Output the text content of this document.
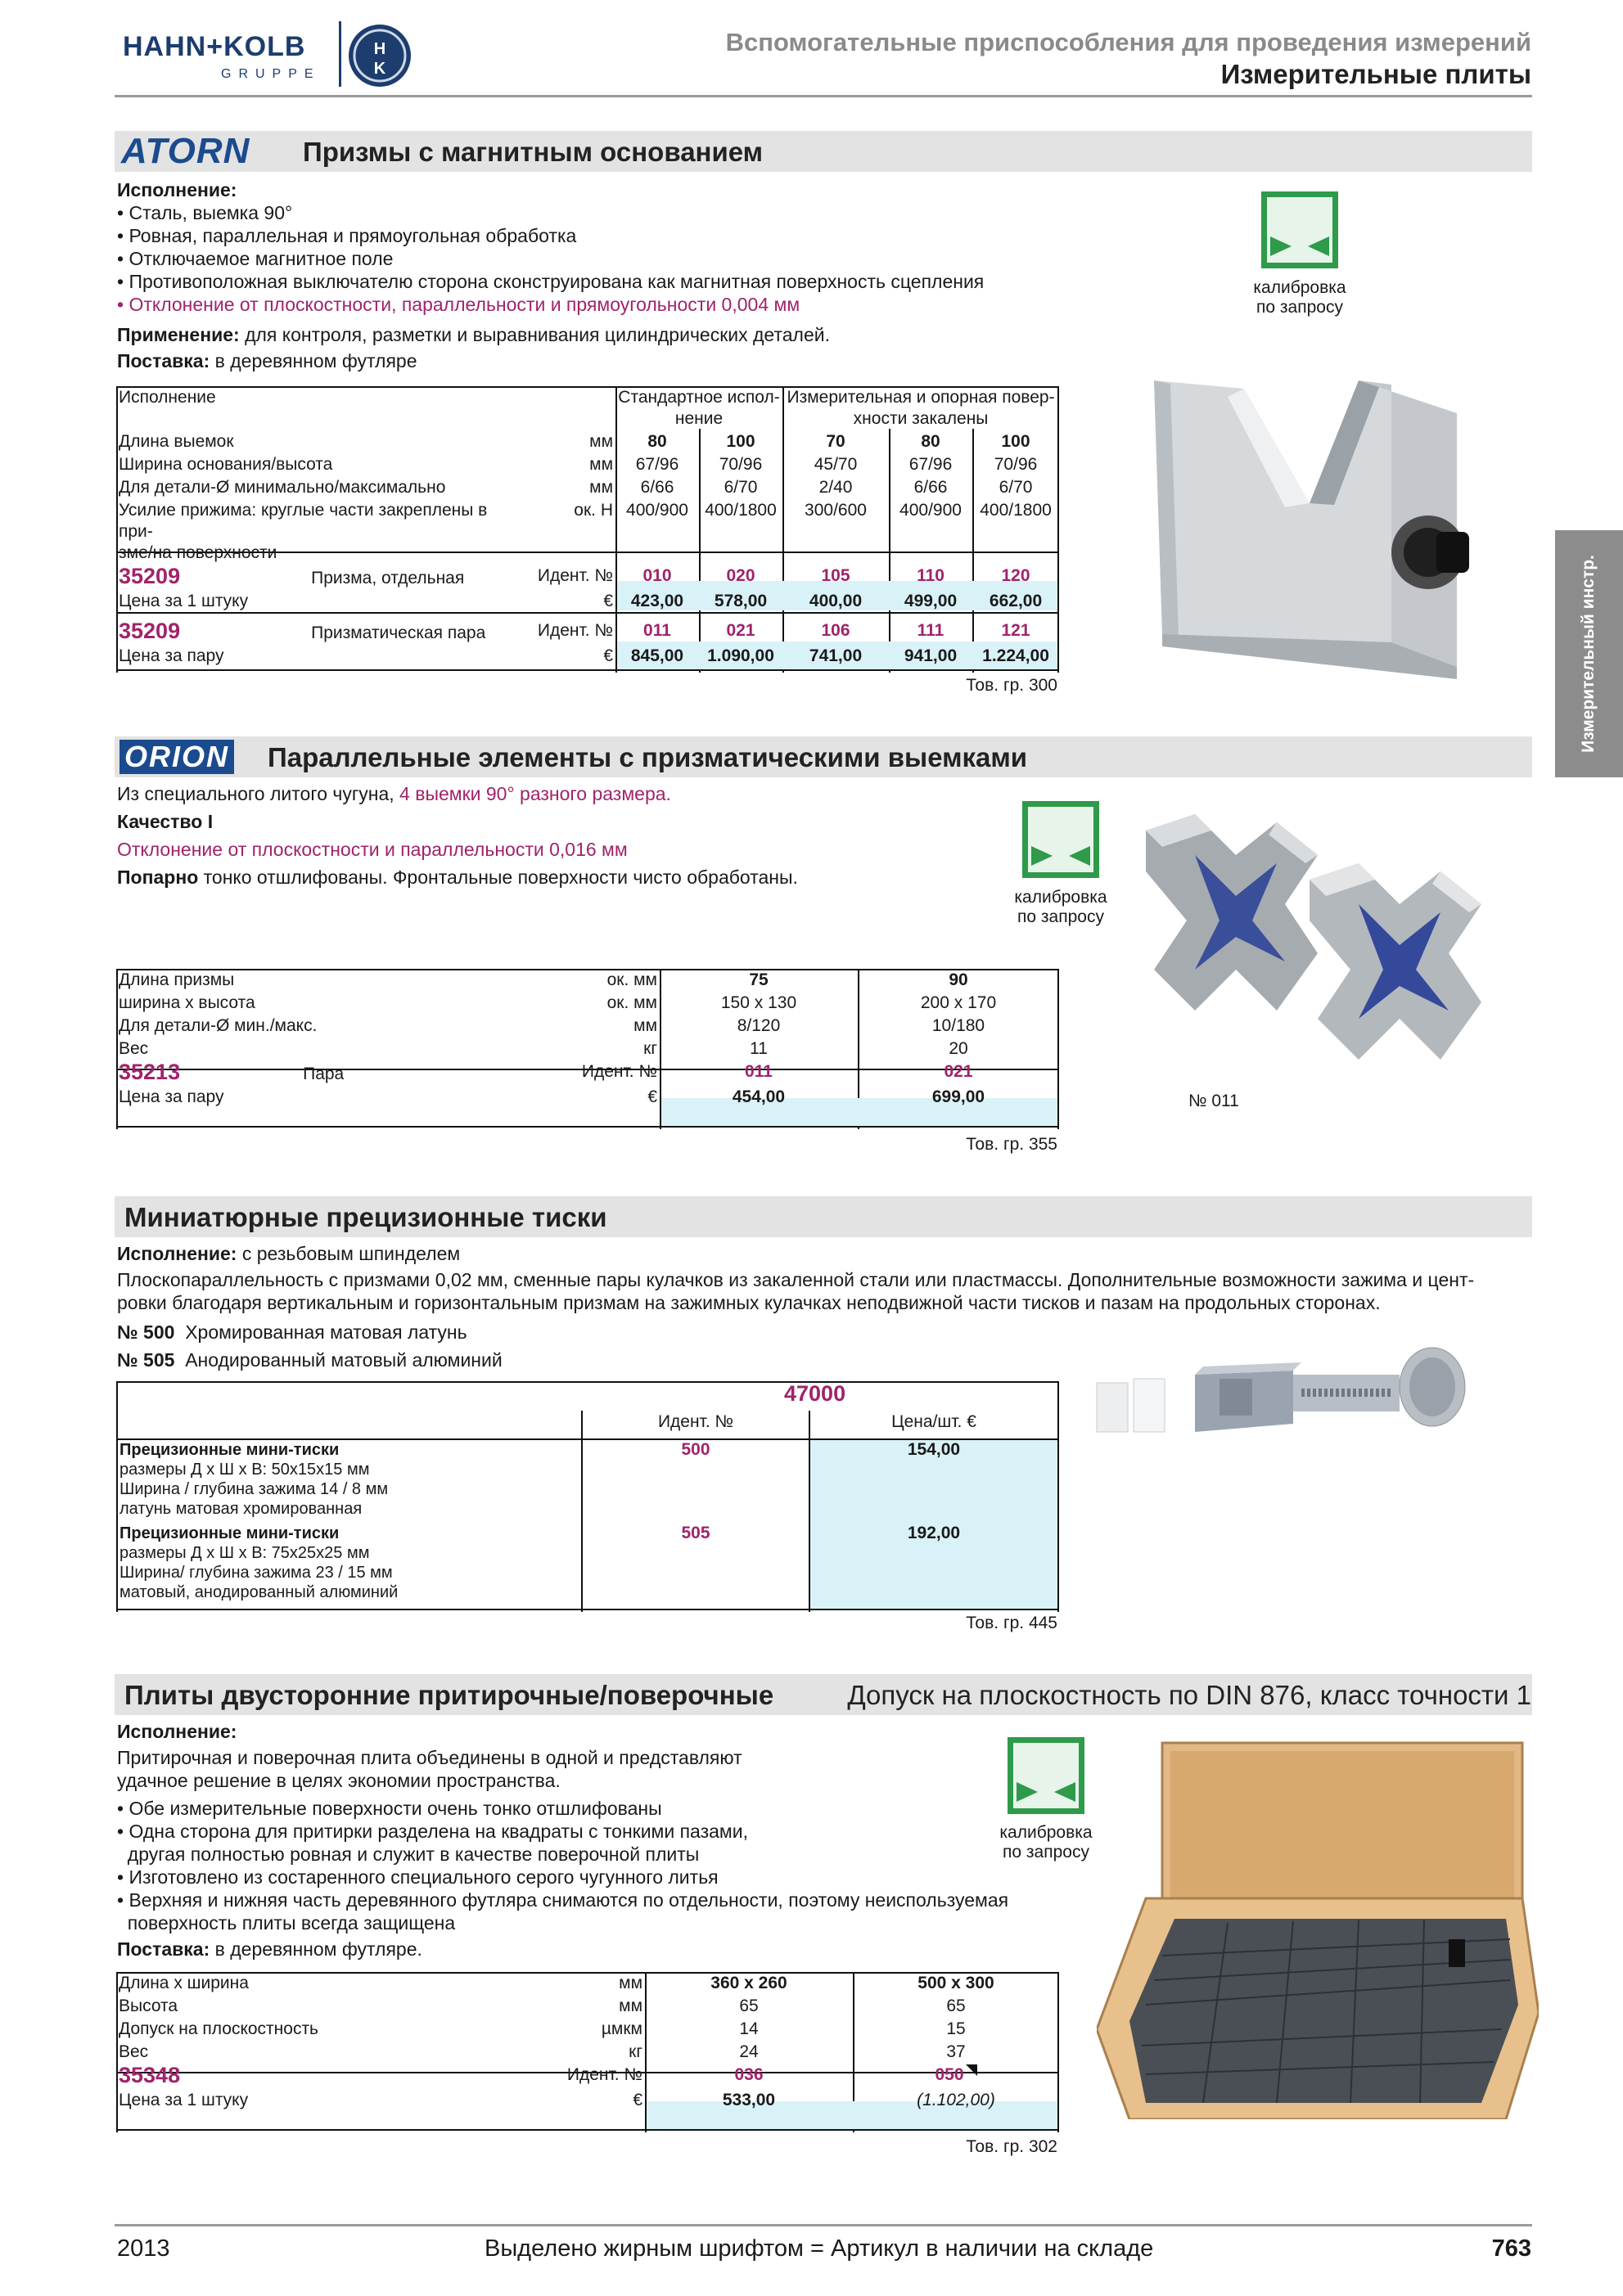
HAHN+KOLB
GRUPPE
H
K
Вспомогательные приспособления для проведения измерений
Измерительные плиты
Измерительный инстр.
ATORN Призмы с магнитным основанием
Исполнение:
• Сталь, выемка 90°
• Ровная, параллельная и прямоугольная обработка
• Отключаемое магнитное поле
• Противоположная выключателю сторона сконструирована как магнитная поверхность сцепления
• Отклонение от плоскостности, параллельности и прямоугольности 0,004 мм
Применение: для контроля, разметки и выравнивания цилиндрических деталей.
Поставка: в деревянном футляре
калибровка
по запросу
Исполнение		Стандартное испол-
нение		Измерительная и опорная повер-
хности закалены		
Длина выемок	мм	80	100	70	80	100
Ширина основания/высота	мм	67/96	70/96	45/70	67/96	70/96
Для детали-Ø минимально/максимально	мм	6/66	6/70	2/40	6/66	6/70
Усилие прижима: круглые части закреплены в при-
зме/на поверхности	ок. Н	400/900	400/1800	300/600	400/900	400/1800
35209 Призма, отдельная	Идент. №	010	020	105	110	120
Цена за 1 штуку	€	423,00	578,00	400,00	499,00	662,00
35209 Призматическая пара	Идент. №	011	021	106	111	121
Цена за пару	€	845,00	1.090,00	741,00	941,00	1.224,00
Тов. гр. 300
ORION Параллельные элементы с призматическими выемками
Из специального литого чугуна, 4 выемки 90° разного размера.
Качество I
Отклонение от плоскостности и параллельности 0,016 мм
Попарно тонко отшлифованы. Фронтальные поверхности чисто обработаны.
калибровка
по запросу
№ 011
Длина призмы	ок. мм	75	90
ширина x высота	ок. мм	150 x 130	200 x 170
Для детали-Ø мин./макс.	мм	8/120	10/180
Вес	кг	11	20
35213 Пара	Идент. №	011	021
Цена за пару	€	454,00	699,00
Тов. гр. 355
Миниатюрные прецизионные тиски
Исполнение: с резьбовым шпинделем
Плоскопараллельность с призмами 0,02 мм, сменные пары кулачков из закаленной стали или пластмассы. Дополнительные возможности зажима и цент-
ровки благодаря вертикальным и горизонтальным призмам на зажимных кулачках неподвижной части тисков и пазам на продольных сторонах.
№ 500 Хромированная матовая латунь
№ 505 Анодированный матовый алюминий
47000
Идент. №	Цена/шт. €
Прецизионные мини-тиски
размеры Д x Ш x В: 50x15x15 мм
Ширина / глубина зажима 14 / 8 мм
латунь матовая хромированная
500	154,00
Прецизионные мини-тиски
размеры Д x Ш x В: 75x25x25 мм
Ширина/ глубина зажима 23 / 15 мм
матовый, анодированный алюминий
505	192,00
Тов. гр. 445
Плиты двусторонние притирочные/поверочные	Допуск на плоскостность по DIN 876, класс точности 1
Исполнение:
Притирочная и поверочная плита объединены в одной и представляют
удачное решение в целях экономии пространства.
• Обе измерительные поверхности очень тонко отшлифованы
• Одна сторона для притирки разделена на квадраты с тонкими пазами,
другая полностью ровная и служит в качестве поверочной плиты
• Изготовлено из состаренного специального серого чугунного литья
• Верхняя и нижняя часть деревянного футляра снимаются по отдельности, поэтому неиспользуемая
поверхность плиты всегда защищена
Поставка: в деревянном футляре.
калибровка
по запросу
Длина x ширина	мм	360 x 260	500 x 300
Высота	мм	65	65
Допуск на плоскостность	µмкм	14	15
Вес	кг	24	37
35348	Идент. №	036	050
Цена за 1 штуку	€	533,00	(1.102,00)
Тов. гр. 302
2013	Выделено жирным шрифтом = Артикул в наличии на складе	763
